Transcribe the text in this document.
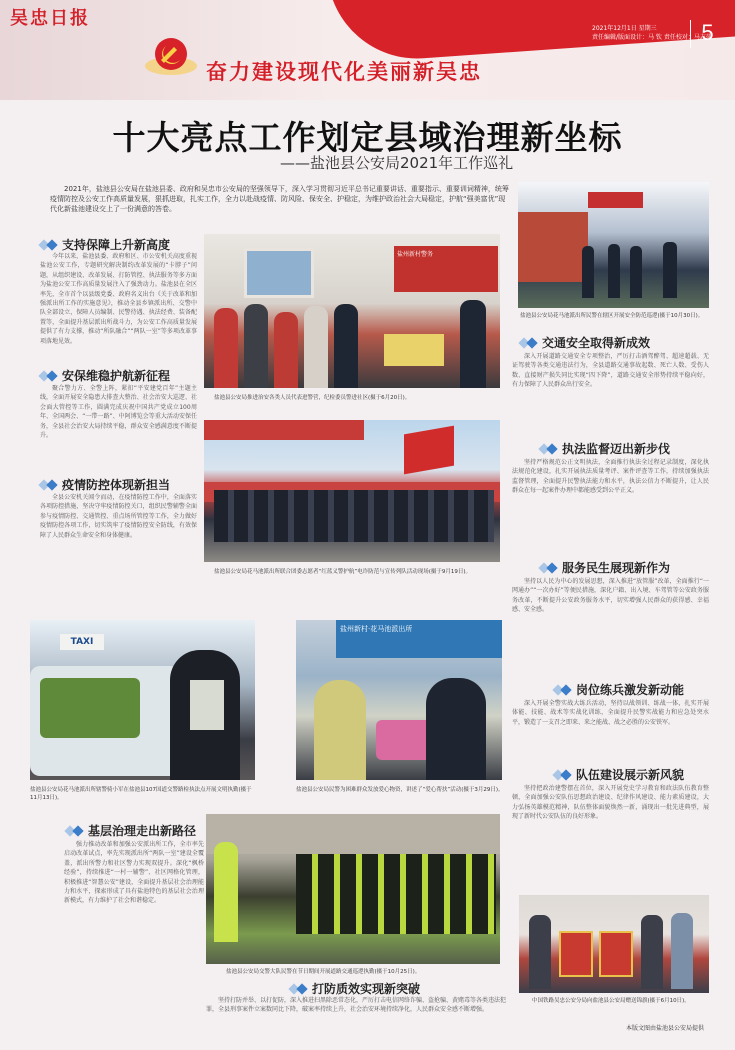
吴忠日报
奋力建设现代化美丽新吴忠
2021年12月1日 星期三
责任编辑/版面设计：马 钦 责任校对：马志萍
5
十大亮点工作划定县域治理新坐标
——盐池县公安局2021年工作巡礼
2021年，盐池县公安局在盐池县委、政府和吴忠市公安局的坚强领导下，深入学习贯彻习近平总书记重要讲话、重要指示、重要训词精神，统筹疫情防控及公安工作高质量发展，狠抓进取，扎实工作，全力以赴战疫情、防风险、保安全、护稳定，为维护政治社会大局稳定，护航“强美富优”现代化新盐池建设交上了一份满意的答卷。
盐池县公安局花马池派出所民警在辖区开展安全防范巡逻(摄于10月30日)。
支持保障上升新高度
今年以来，盐池县委、政府和区、市公安机关高度重视盐池公安工作，专题研究解决制约改革发展的“卡脖子”问题，从组织建设、改革发展、打防管控、执法服务等多方面为盐池公安工作高质量发展注入了强劲动力。盐池县在全区率先，全市首个以县级党委、政府名义出台《关于改革和加强派出所工作的实施意见》，推动全县乡镇派出所、交警中队全部设立，保障人员编制、民警待遇、执法经费、装备配置等，全面提升基层派出所战斗力，为公安工作高质量发展提供了有力支撑，推动“所队融合”“两队一室”等多项改革事项落地见效。
安保维稳护航新征程
聚合警力方、全警上阵，紧扣“平安建党百年”主题主线，全面开展安全隐患大排查大整治、社会治安大巡逻、社会面大管控等工作，圆满完成庆祝中国共产党成立100周年、全国两会、“一带一路”、中阿博览会等重大活动安保任务，全县社会治安大局持续平稳，群众安全感满意度不断提升。
疫情防控体现新担当
全县公安机关闻令而动，在疫情防控工作中，全面落实各项防控措施，坚决守牢疫情防控关口，组织民警辅警全面参与疫情防控、交通管控、重点场所管控等工作，全力做好疫情防控各项工作，切实筑牢了疫情防控安全防线，有效保障了人民群众生命安全和身体健康。
盐州新村警务
盐池县公安局推进治安各类人员代表进警营，纪检委员警进社区(摄于6月20日)。
盐池县公安局花马池派出所联合团委志愿者“红蓝义警护航”电诈防范与宣传列队活动现场(摄于9月19日)。
交通安全取得新成效
深入开展道路交通安全专项整治，严厉打击酒驾醉驾、超速超载、无证驾驶等各类交通违法行为，全县道路交通事故起数、死亡人数、受伤人数、直接财产损失同比实现“四下降”，道路交通安全形势持续平稳向好，有力保障了人民群众出行安全。
执法监督迈出新步伐
坚持严格规范公正文明执法，全面推行执法全过程记录制度，深化执法规范化建设，扎实开展执法质量考评、案件评查等工作，持续加强执法监督管理，全面提升民警执法能力和水平，执法公信力不断提升，让人民群众在每一起案件办理中都能感受到公平正义。
服务民生展现新作为
坚持以人民为中心的发展思想，深入推进“放管服”改革，全面推行“一网通办”“一次办好”等便民措施，深化户籍、出入境、车驾管等公安政务服务改革，不断提升公安政务服务水平，切实增强人民群众的获得感、幸福感、安全感。
岗位练兵激发新动能
深入开展全警实战大练兵活动，坚持以战领训、练战一体，扎实开展体能、技能、战术等实战化训练，全面提升民警实战能力和应急处突水平，锻造了一支召之即来、来之能战、战之必胜的公安铁军。
队伍建设展示新风貌
坚持把政治建警摆在首位，深入开展党史学习教育和政法队伍教育整顿，全面加强公安队伍思想政治建设、纪律作风建设、能力素质建设，大力弘扬英雄模范精神，队伍整体面貌焕然一新，涌现出一批先进典型，展现了新时代公安队伍的良好形象。
中国铁路吴忠公安分局向盐池县公安局赠送锦旗(摄于6月10日)。
TAXI
盐池县公安局花马池派出所辖警骑小军在盐池县107国道交警路检执法点开展文明执勤(摄于11月13日)。
盐州新村·花马池派出所
盐池县公安局民警为困难群众发放爱心物资，讲述了“爱心帮扶”活动(摄于3月29日)。
基层治理走出新路径
强力推动改革和加强公安派出所工作，全市率先启动改革试点，率先实现派出所“两队一室”建设全覆盖，派出所警力和社区警力实现双提升。深化“枫桥经验”，持续推进“一村一辅警”、社区网格化管理，积极推进“智慧公安”建设，全面提升基层社会治理能力和水平，探索形成了具有盐池特色的基层社会治理新模式，有力维护了社会和谐稳定。
盐池县公安局交警大队民警在节日期间开展道路交通巡逻执勤(摄于10月25日)。
打防质效实现新突破
坚持打防并举、以打促防，深入推进扫黑除恶常态化，严厉打击电信网络诈骗、盗抢骗、黄赌毒等各类违法犯罪，全县刑事案件立案数同比下降，破案率持续上升，社会治安环境持续净化，人民群众安全感不断增强。
本版文图由盐池县公安局提供
